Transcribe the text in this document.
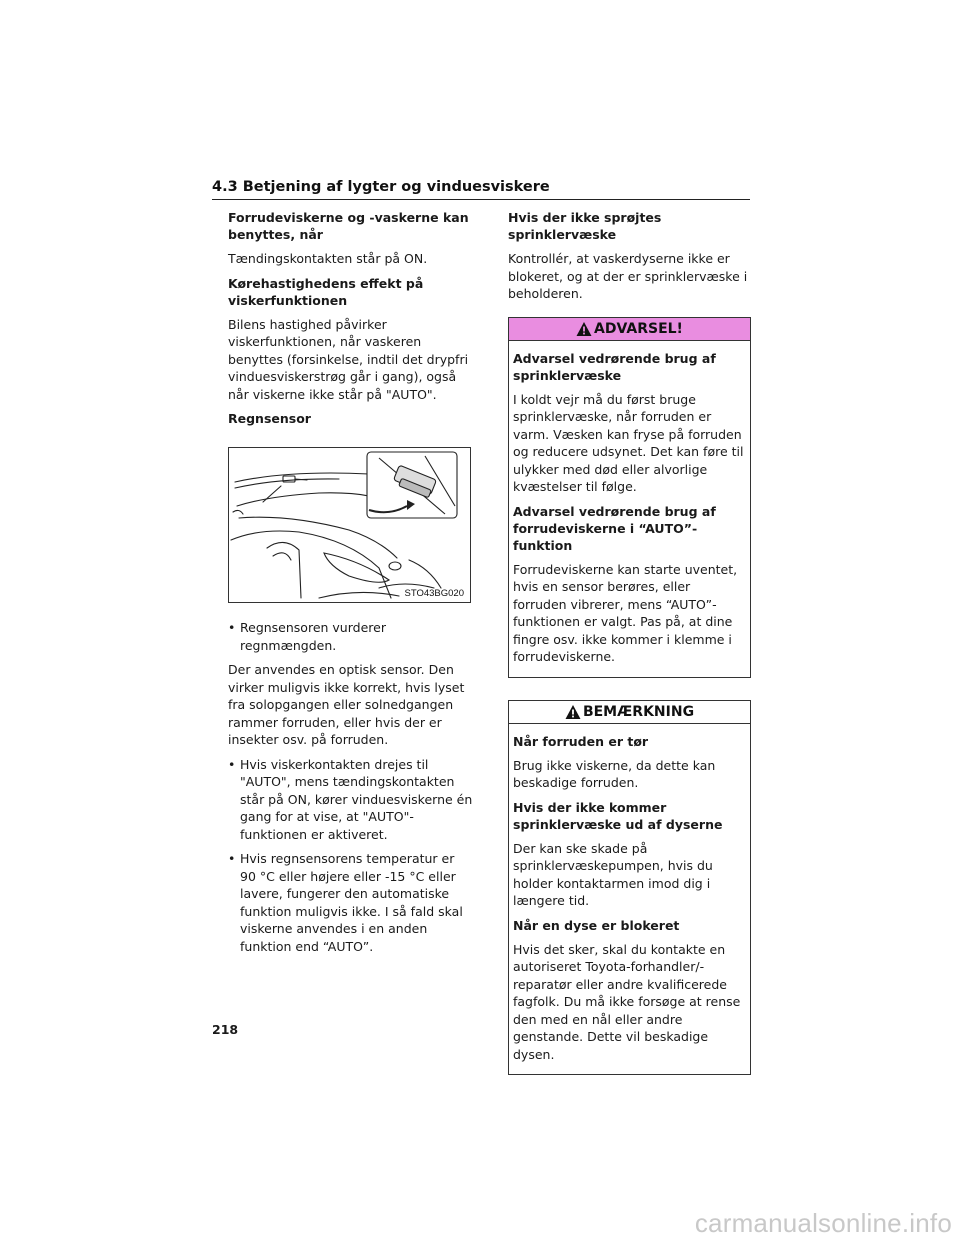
4.3 Betjening af lygter og vinduesviskere
Forrudeviskerne og -vaskerne kan benyttes, når
Tændingskontakten står på ON.
Kørehastighedens effekt på viskerfunktionen
Bilens hastighed påvirker viskerfunktionen, når vaskeren benyttes (forsinkelse, indtil det drypfri vinduesviskerstrøg går i gang), også når viskerne ikke står på "AUTO".
Regnsensor
STO43BG020
• Regnsensoren vurderer regnmængden.
Der anvendes en optisk sensor. Den virker muligvis ikke korrekt, hvis lyset fra solopgangen eller solnedgangen rammer forruden, eller hvis der er insekter osv. på forruden.
• Hvis viskerkontakten drejes til "AUTO", mens tændingskontakten står på ON, kører vinduesviskerne én gang for at vise, at "AUTO"-funktionen er aktiveret.
• Hvis regnsensorens temperatur er 90 °C eller højere eller -15 °C eller lavere, fungerer den automatiske funktion muligvis ikke. I så fald skal viskerne anvendes i en anden funktion end “AUTO”.
Hvis der ikke sprøjtes sprinklervæske
Kontrollér, at vaskerdyserne ikke er blokeret, og at der er sprinklervæske i beholderen.
ADVARSEL!
Advarsel vedrørende brug af sprinklervæske
I koldt vejr må du først bruge sprinklervæske, når forruden er varm. Væsken kan fryse på forruden og reducere udsynet. Det kan føre til ulykker med død eller alvorlige kvæstelser til følge.
Advarsel vedrørende brug af forrudeviskerne i “AUTO”-funktion
Forrudeviskerne kan starte uventet, hvis en sensor berøres, eller forruden vibrerer, mens “AUTO”-funktionen er valgt. Pas på, at dine fingre osv. ikke kommer i klemme i forrudeviskerne.
BEMÆRKNING
Når forruden er tør
Brug ikke viskerne, da dette kan beskadige forruden.
Hvis der ikke kommer sprinklervæske ud af dyserne
Der kan ske skade på sprinklervæskepumpen, hvis du holder kontaktarmen imod dig i længere tid.
Når en dyse er blokeret
Hvis det sker, skal du kontakte en autoriseret Toyota-forhandler/-reparatør eller andre kvalificerede fagfolk. Du må ikke forsøge at rense den med en nål eller andre genstande. Dette vil beskadige dysen.
218
carmanualsonline.info
